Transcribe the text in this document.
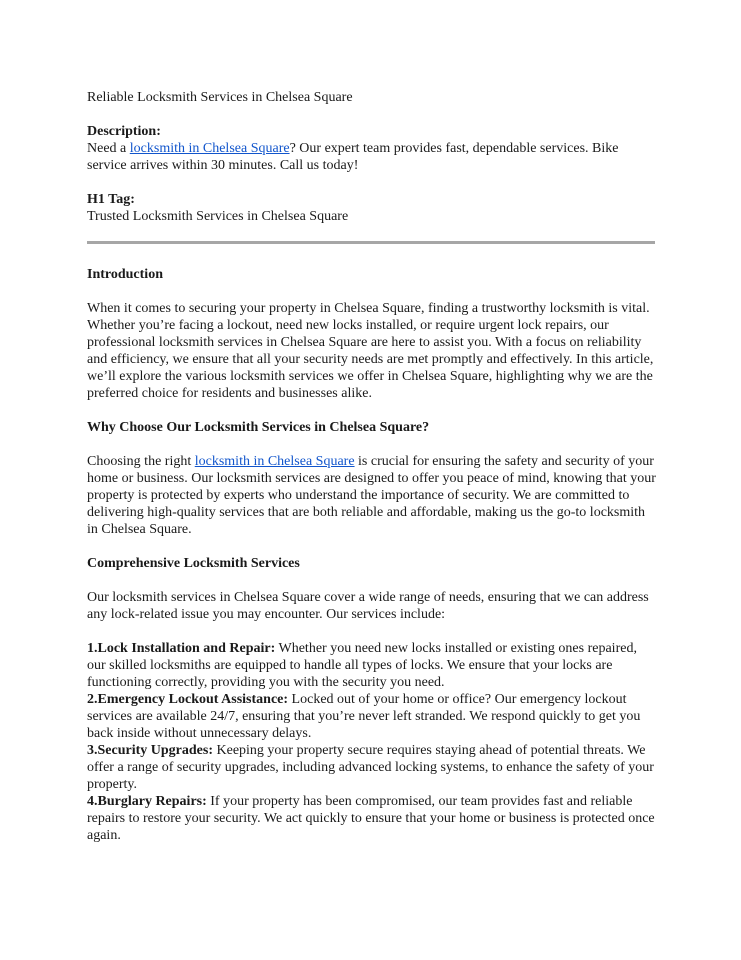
Reliable Locksmith Services in Chelsea Square

Description:

Need a locksmith in Chelsea Square? Our expert team provides fast, dependable services. Bike service arrives within 30 minutes. Call us today!

H1 Tag:

Trusted Locksmith Services in Chelsea Square

Introduction

When it comes to securing your property in Chelsea Square, finding a trustworthy locksmith is vital. Whether you’re facing a lockout, need new locks installed, or require urgent lock repairs, our professional locksmith services in Chelsea Square are here to assist you. With a focus on reliability and efficiency, we ensure that all your security needs are met promptly and effectively. In this article, we’ll explore the various locksmith services we offer in Chelsea Square, highlighting why we are the preferred choice for residents and businesses alike.

Why Choose Our Locksmith Services in Chelsea Square?

Choosing the right locksmith in Chelsea Square is crucial for ensuring the safety and security of your home or business. Our locksmith services are designed to offer you peace of mind, knowing that your property is protected by experts who understand the importance of security. We are committed to delivering high-quality services that are both reliable and affordable, making us the go-to locksmith in Chelsea Square.

Comprehensive Locksmith Services

Our locksmith services in Chelsea Square cover a wide range of needs, ensuring that we can address any lock-related issue you may encounter. Our services include:

1.Lock Installation and Repair: Whether you need new locks installed or existing ones repaired, our skilled locksmiths are equipped to handle all types of locks. We ensure that your locks are functioning correctly, providing you with the security you need.

2.Emergency Lockout Assistance: Locked out of your home or office? Our emergency lockout services are available 24/7, ensuring that you’re never left stranded. We respond quickly to get you back inside without unnecessary delays.

3.Security Upgrades: Keeping your property secure requires staying ahead of potential threats. We offer a range of security upgrades, including advanced locking systems, to enhance the safety of your property.

4.Burglary Repairs: If your property has been compromised, our team provides fast and reliable repairs to restore your security. We act quickly to ensure that your home or business is protected once again.
